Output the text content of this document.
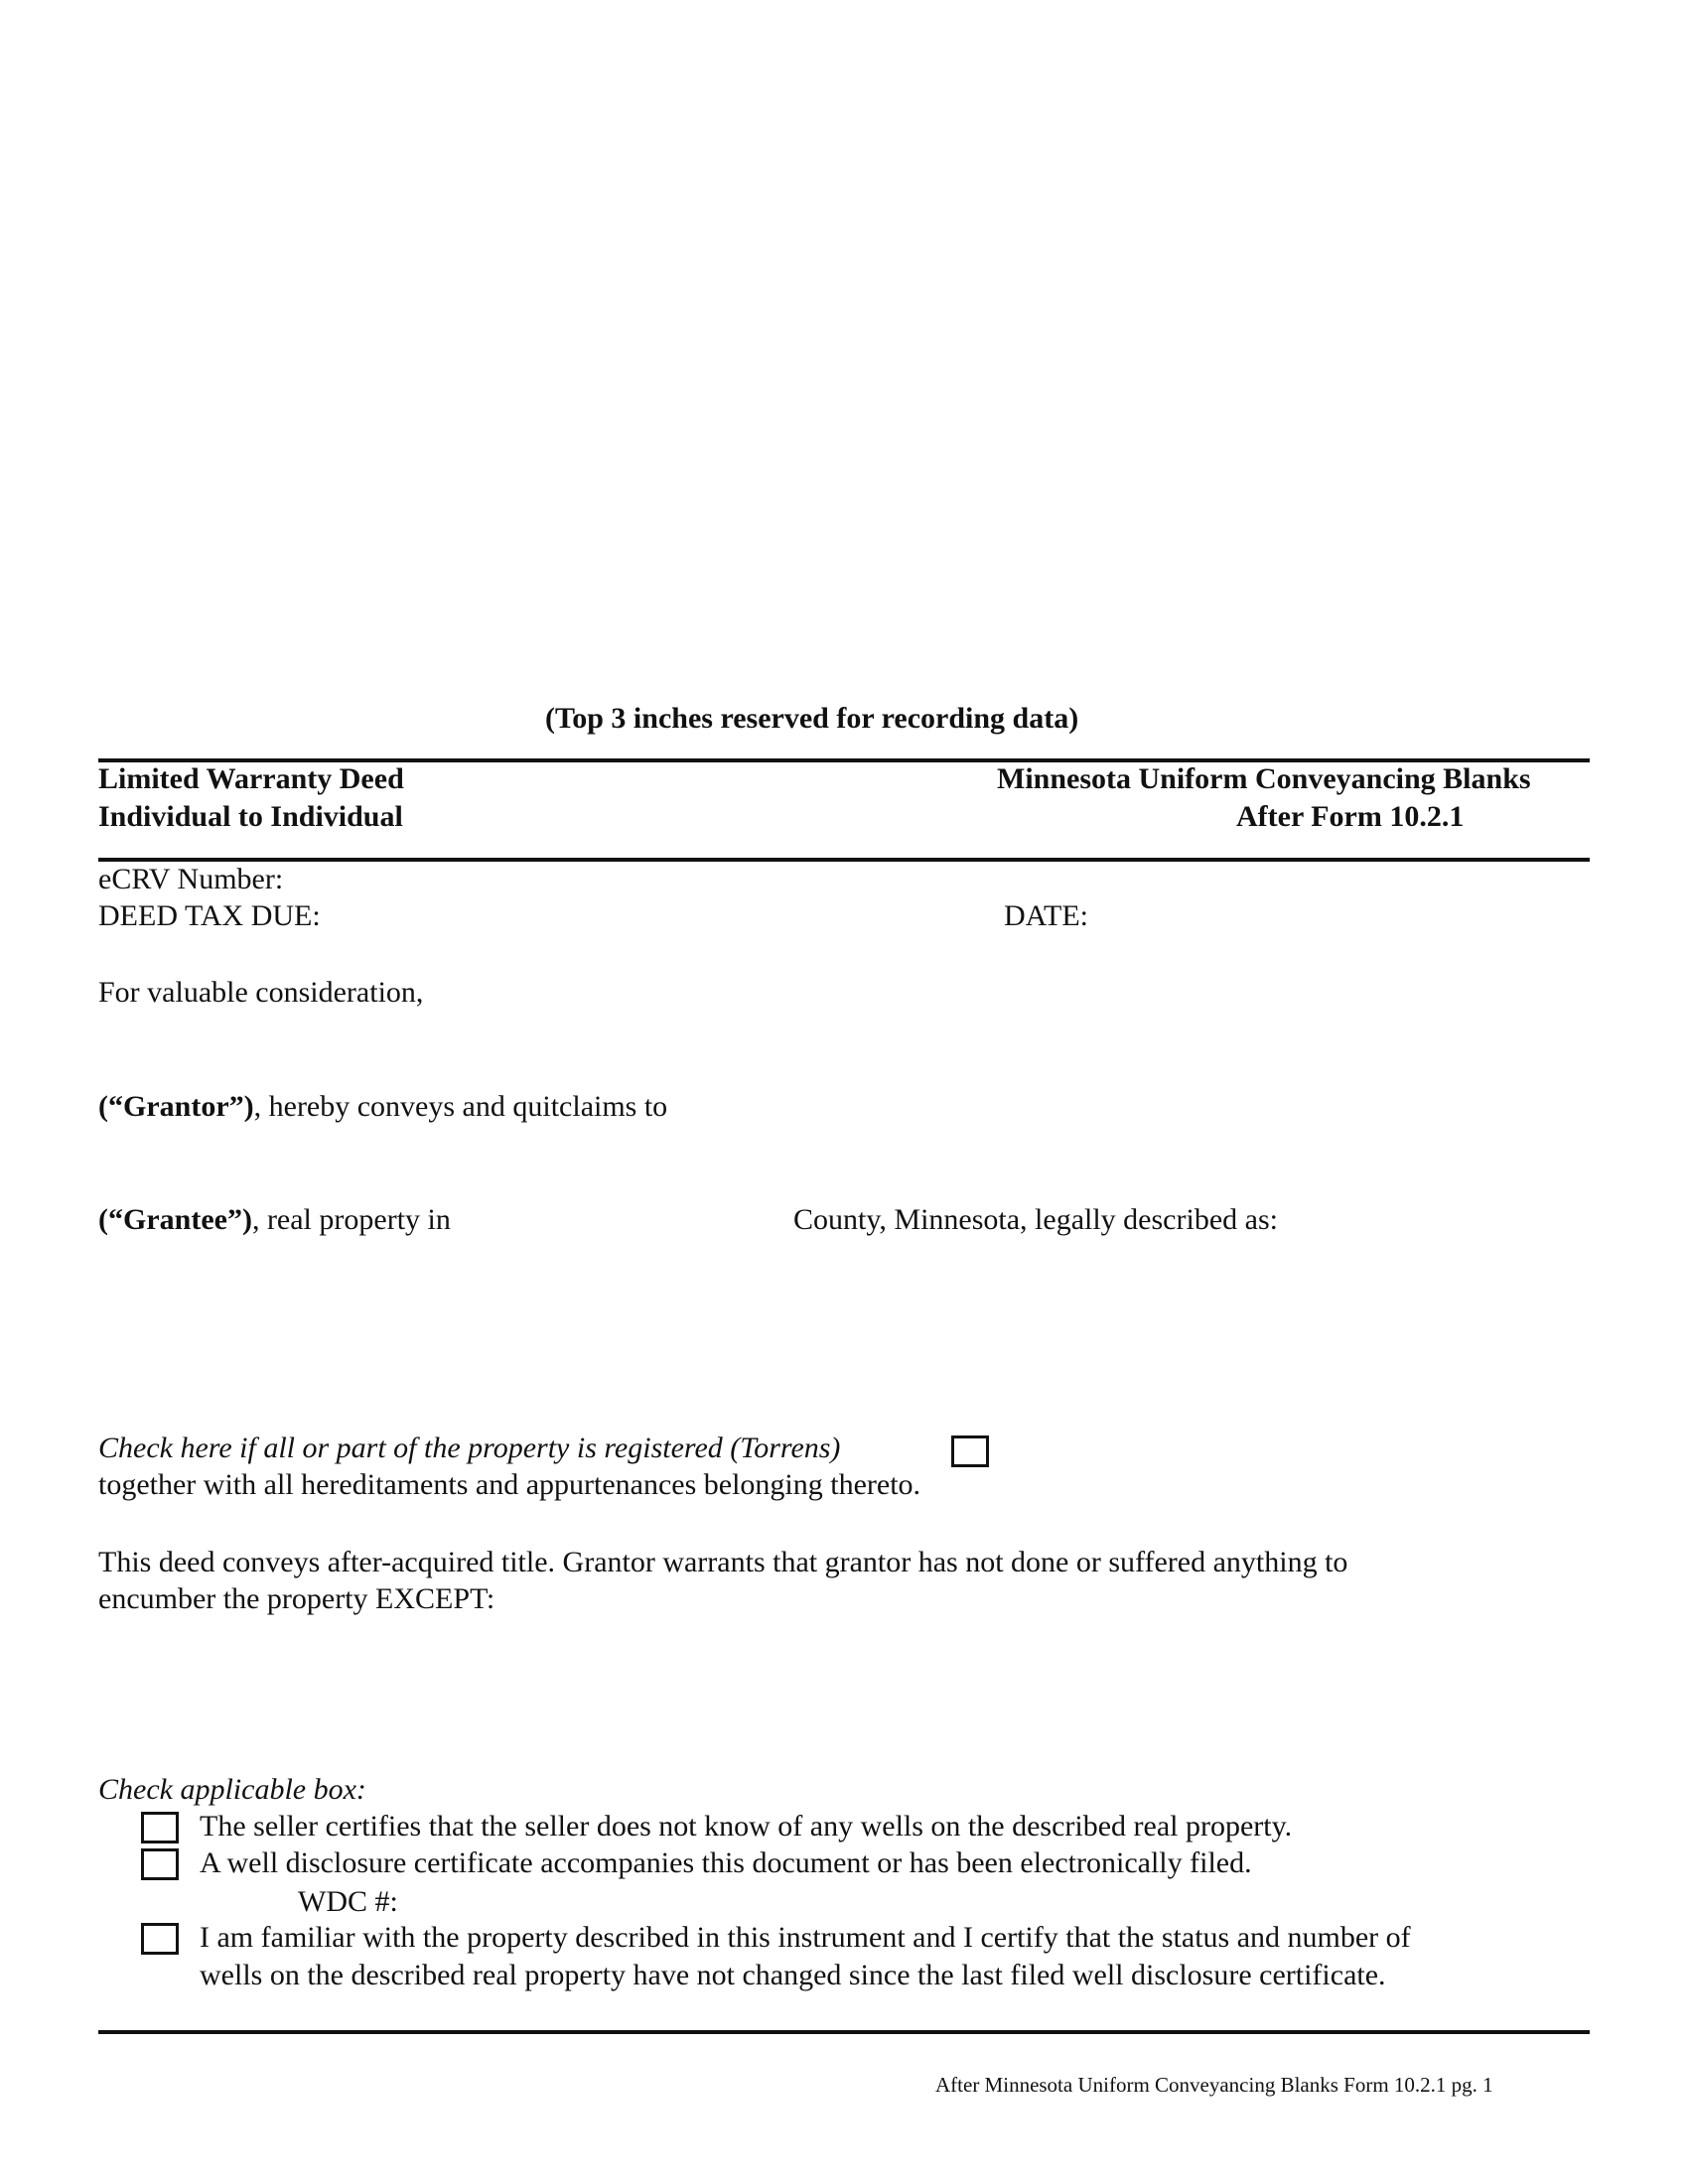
(Top 3 inches reserved for recording data)
Limited Warranty Deed
Individual to Individual
Minnesota Uniform Conveyancing Blanks
After Form 10.2.1
eCRV Number:
DEED TAX DUE:	DATE:
For valuable consideration,
(“Grantor”), hereby conveys and quitclaims to
(“Grantee”), real property in	County, Minnesota, legally described as:
Check here if all or part of the property is registered (Torrens)
together with all hereditaments and appurtenances belonging thereto.
This deed conveys after-acquired title. Grantor warrants that grantor has not done or suffered anything to
encumber the property EXCEPT:
Check applicable box:
The seller certifies that the seller does not know of any wells on the described real property.
A well disclosure certificate accompanies this document or has been electronically filed.
WDC #:
I am familiar with the property described in this instrument and I certify that the status and number of
wells on the described real property have not changed since the last filed well disclosure certificate.
After Minnesota Uniform Conveyancing Blanks Form 10.2.1 pg. 1
